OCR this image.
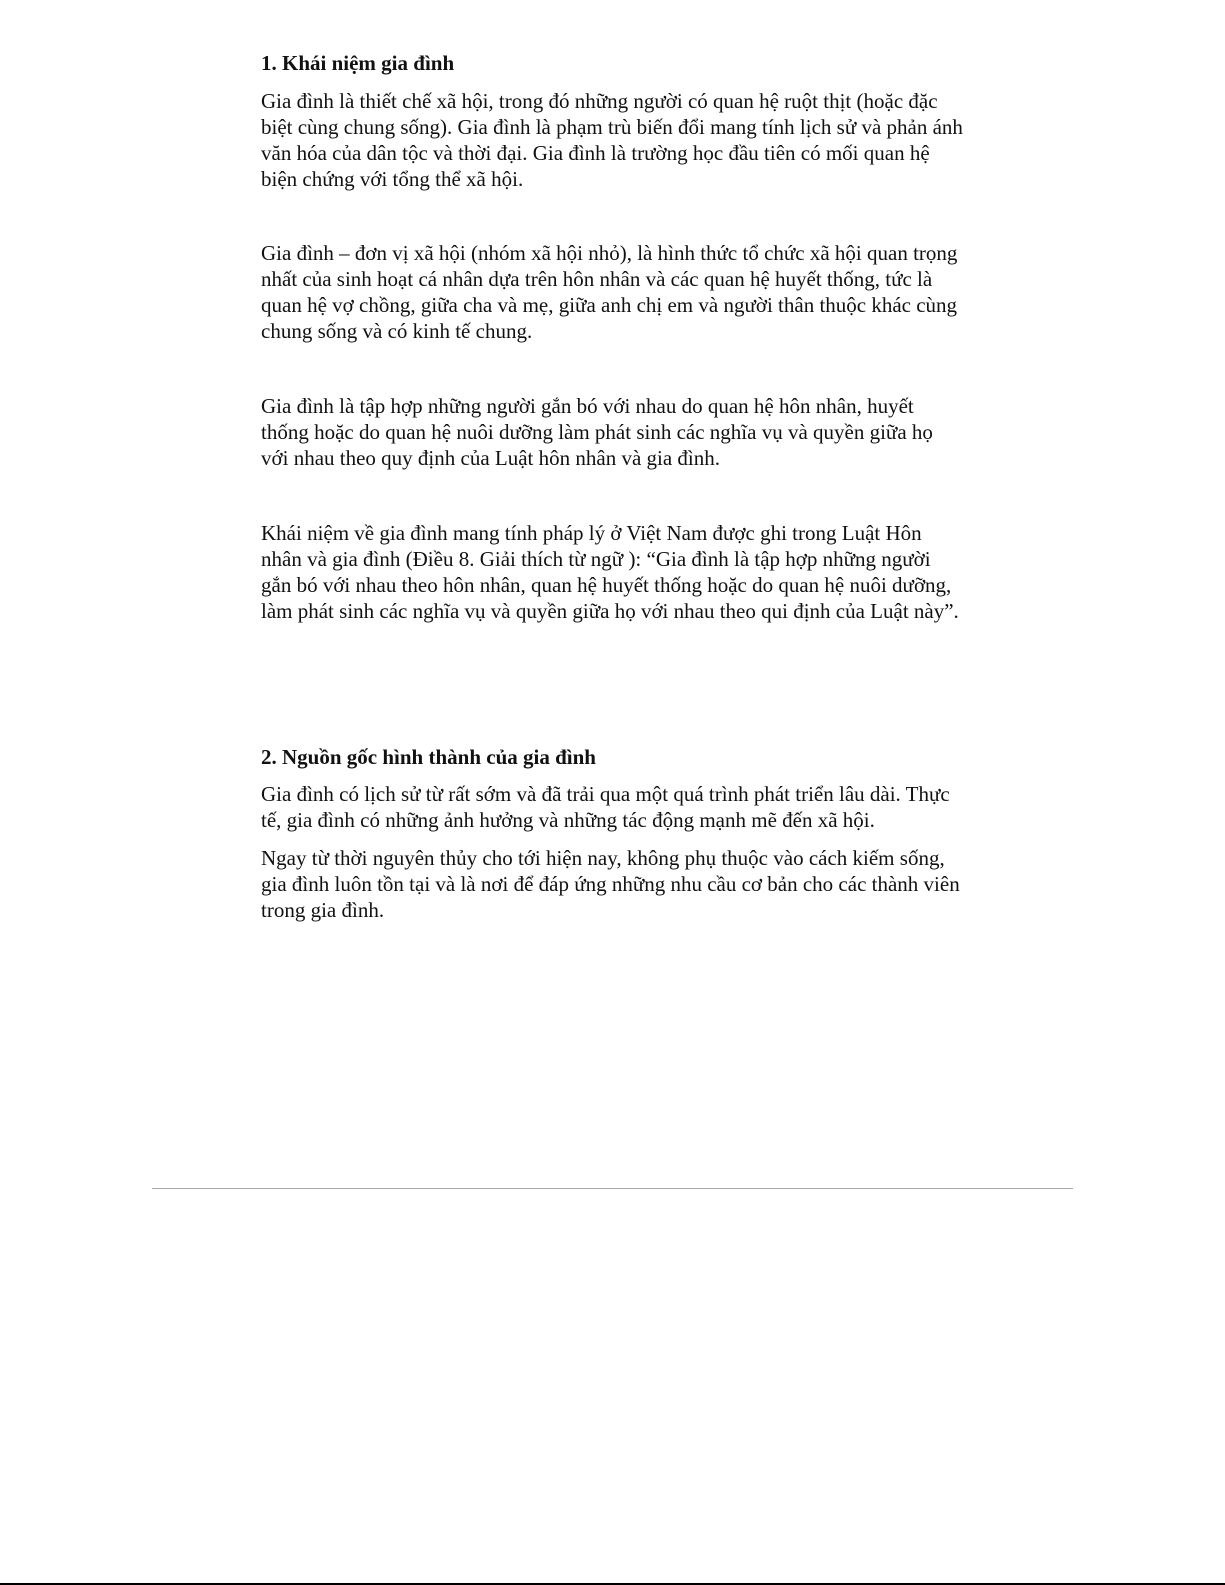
1. Khái niệm gia đình

Gia đình là thiết chế xã hội, trong đó những người có quan hệ ruột thịt (hoặc đặc
biệt cùng chung sống). Gia đình là phạm trù biến đổi mang tính lịch sử và phản ánh
văn hóa của dân tộc và thời đại. Gia đình là trường học đầu tiên có mối quan hệ
biện chứng với tổng thể xã hội.

Gia đình – đơn vị xã hội (nhóm xã hội nhỏ), là hình thức tổ chức xã hội quan trọng
nhất của sinh hoạt cá nhân dựa trên hôn nhân và các quan hệ huyết thống, tức là
quan hệ vợ chồng, giữa cha và mẹ, giữa anh chị em và người thân thuộc khác cùng
chung sống và có kinh tế chung.

Gia đình là tập hợp những người gắn bó với nhau do quan hệ hôn nhân, huyết
thống hoặc do quan hệ nuôi dưỡng làm phát sinh các nghĩa vụ và quyền giữa họ
với nhau theo quy định của Luật hôn nhân và gia đình.

Khái niệm về gia đình mang tính pháp lý ở Việt Nam được ghi trong Luật Hôn
nhân và gia đình (Điều 8. Giải thích từ ngữ ): “Gia đình là tập hợp những người
gắn bó với nhau theo hôn nhân, quan hệ huyết thống hoặc do quan hệ nuôi dưỡng,
làm phát sinh các nghĩa vụ và quyền giữa họ với nhau theo qui định của Luật này”.

2. Nguồn gốc hình thành của gia đình

Gia đình có lịch sử từ rất sớm và đã trải qua một quá trình phát triển lâu dài. Thực
tế, gia đình có những ảnh hưởng và những tác động mạnh mẽ đến xã hội.

Ngay từ thời nguyên thủy cho tới hiện nay, không phụ thuộc vào cách kiếm sống,
gia đình luôn tồn tại và là nơi để đáp ứng những nhu cầu cơ bản cho các thành viên
trong gia đình.
